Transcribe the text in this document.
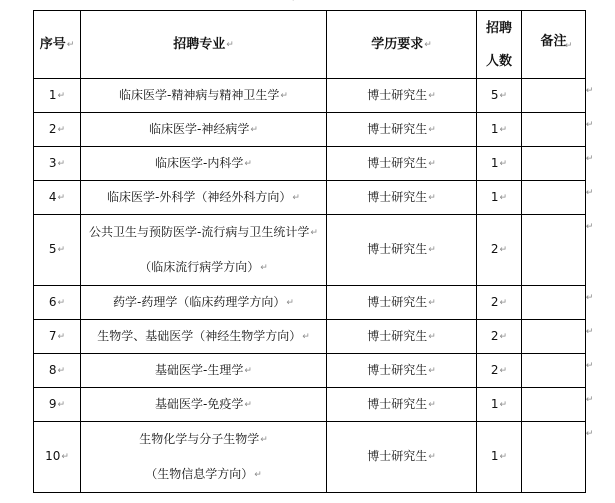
ˊ
序号↵	招聘专业↵	学历要求↵	招聘
人数	备注
↵

1↵	临床医学-精神病与精神卫生学↵	博士研究生↵	5↵	↵

2↵	临床医学-神经病学↵	博士研究生↵	1↵	↵

3↵	临床医学-内科学↵	博士研究生↵	1↵	↵

4↵	临床医学-外科学（神经外科方向）↵	博士研究生↵	1↵	↵

5↵	公共卫生与预防医学-流行病与卫生统计学↵
（临床流行病学方向）↵	博士研究生↵	2↵	↵

6↵	药学-药理学（临床药理学方向）↵	博士研究生↵	2↵	↵

7↵	生物学、基础医学（神经生物学方向）↵	博士研究生↵	2↵	↵

8↵	基础医学-生理学↵	博士研究生↵	2↵	↵

9↵	基础医学-免疫学↵	博士研究生↵	1↵	↵

10↵	生物化学与分子生物学↵
（生物信息学方向）↵	博士研究生↵	1↵	↵
